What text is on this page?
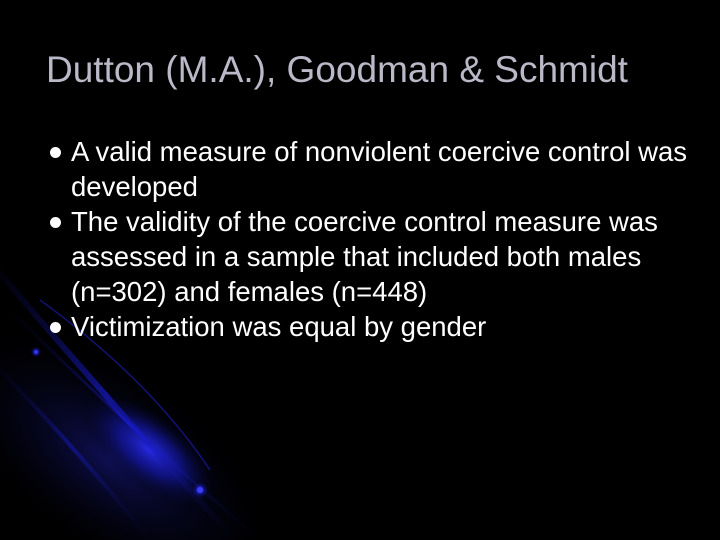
Dutton (M.A.), Goodman & Schmidt
A valid measure of nonviolent coercive control was developed
The validity of the coercive control measure was assessed in a sample that included both males (n=302) and females (n=448)
Victimization was equal by gender
